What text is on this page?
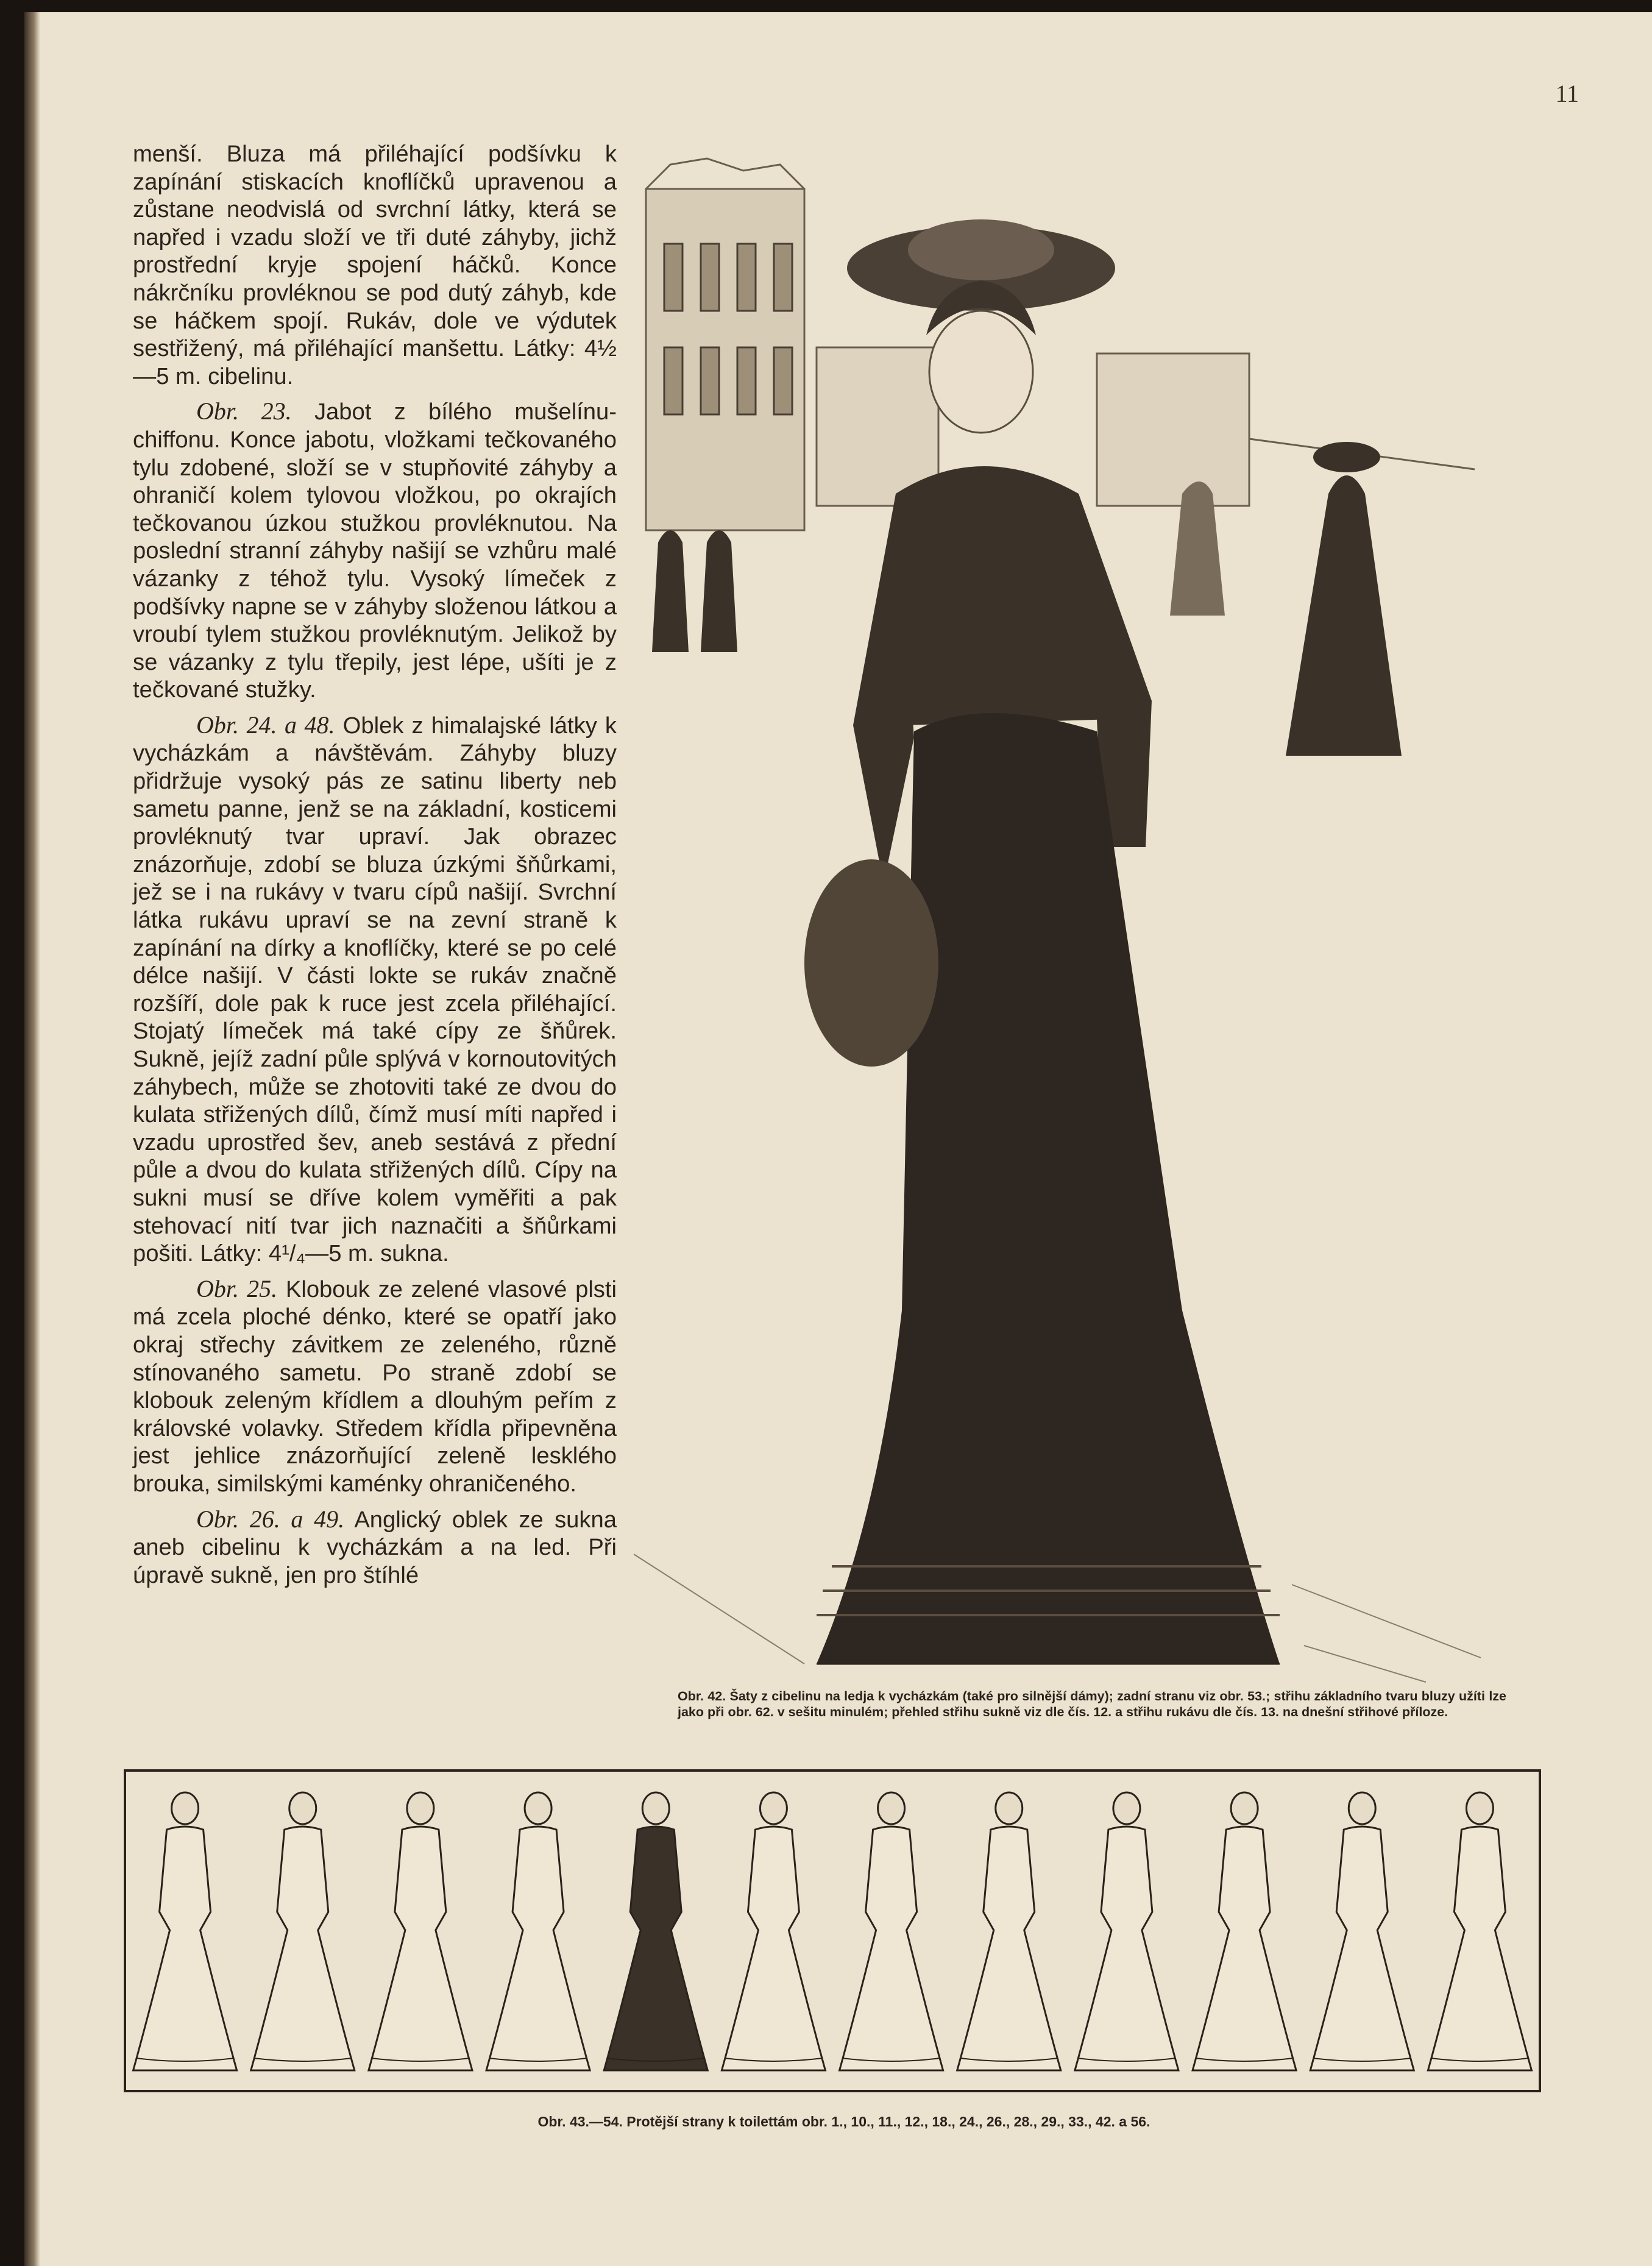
11

menší. Bluza má přiléhající podšívku k zapínání stiskacích knoflíčků upravenou a zůstane neodvislá od svrchní látky, která se napřed i vzadu složí ve tři duté záhyby, jichž prostřední kryje spojení háčků. Konce nákrčníku provléknou se pod dutý záhyb, kde se háčkem spojí. Rukáv, dole ve výdutek sestřižený, má přiléhající manšettu. Látky: 4½—5 m. cibelinu.

Obr. 23. Jabot z bílého mušelínu-chiffonu. Konce jabotu, vložkami tečkovaného tylu zdobené, složí se v stupňovité záhyby a ohraničí kolem tylovou vložkou, po okrajích tečkovanou úzkou stužkou provléknutou. Na poslední stranní záhyby našijí se vzhůru malé vázanky z téhož tylu. Vysoký límeček z podšívky napne se v záhyby složenou látkou a vroubí tylem stužkou provléknutým. Jelikož by se vázanky z tylu třepily, jest lépe, ušíti je z tečkované stužky.

Obr. 24. a 48. Oblek z himalajské látky k vycházkám a návštěvám. Záhyby bluzy přidržuje vysoký pás ze satinu liberty neb sametu panne, jenž se na základní, kosticemi provléknutý tvar upraví. Jak obrazec znázorňuje, zdobí se bluza úzkými šňůrkami, jež se i na rukávy v tvaru cípů našijí. Svrchní látka rukávu upraví se na zevní straně k zapínání na dírky a knoflíčky, které se po celé délce našijí. V části lokte se rukáv značně rozšíří, dole pak k ruce jest zcela přiléhající. Stojatý límeček má také cípy ze šňůrek. Sukně, jejíž zadní půle splývá v kornoutovitých záhybech, může se zhotoviti také ze dvou do kulata střižených dílů, čímž musí míti napřed i vzadu uprostřed šev, aneb sestává z přední půle a dvou do kulata střižených dílů. Cípy na sukni musí se dříve kolem vyměřiti a pak stehovací nití tvar jich naznačiti a šňůrkami pošiti. Látky: 4¹/₄—5 m. sukna.

Obr. 25. Klobouk ze zelené vlasové plsti má zcela ploché dénko, které se opatří jako okraj střechy závitkem ze zeleného, různě stínovaného sametu. Po straně zdobí se klobouk zeleným křídlem a dlouhým peřím z královské volavky. Středem křídla připevněna jest jehlice znázorňující zeleně lesklého brouka, similskými kaménky ohraničeného.

Obr. 26. a 49. Anglický oblek ze sukna aneb cibelinu k vycházkám a na led. Při úpravě sukně, jen pro štíhlé

Obr. 42. Šaty z cibelinu na ledja k vycházkám (také pro silnější dámy); zadní stranu viz obr. 53.; střihu základního tvaru bluzy užíti lze jako při obr. 62. v sešitu minulém; přehled střihu sukně viz dle čís. 12. a střihu rukávu dle čís. 13. na dnešní střihové příloze.
Obr. 43.—54. Protější strany k toilettám obr. 1., 10., 11., 12., 18., 24., 26., 28., 29., 33., 42. a 56.
